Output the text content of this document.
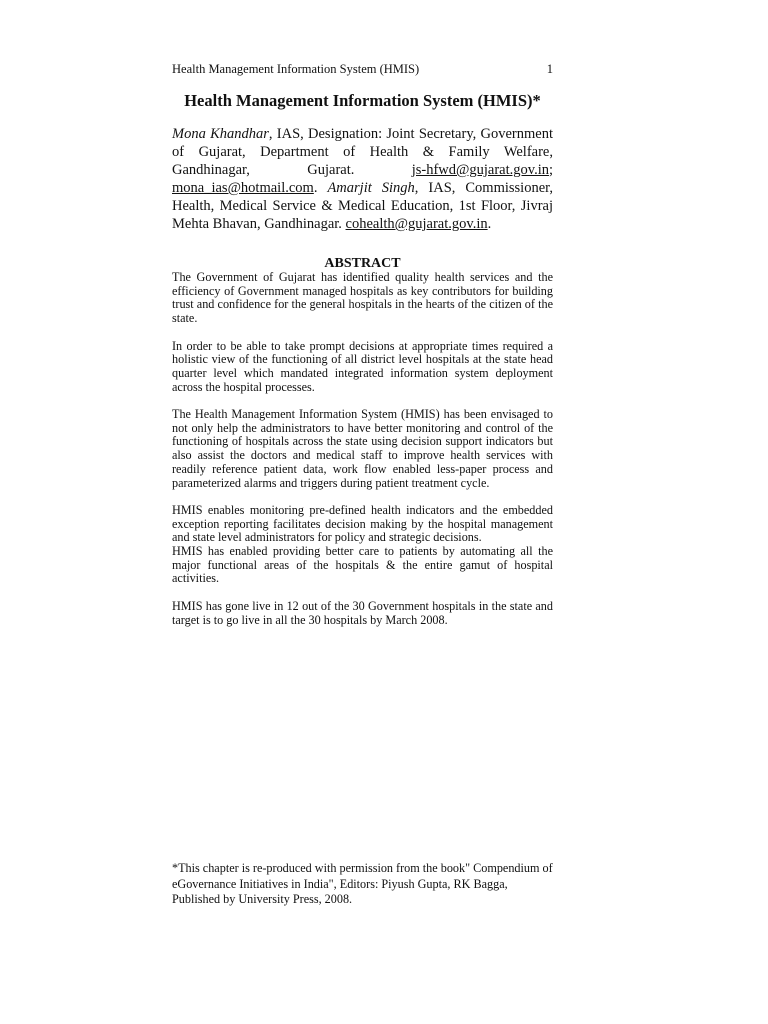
Health Management Information System (HMIS)	1
Health Management Information System (HMIS)*

Mona Khandhar, IAS, Designation: Joint Secretary, Government of Gujarat, Department of Health & Family Welfare, Gandhinagar, Gujarat. js-hfwd@gujarat.gov.in; mona_ias@hotmail.com. Amarjit Singh, IAS, Commissioner, Health, Medical Service & Medical Education, 1st Floor, Jivraj Mehta Bhavan, Gandhinagar. cohealth@gujarat.gov.in.

ABSTRACT

The Government of Gujarat has identified quality health services and the efficiency of Government managed hospitals as key contributors for building trust and confidence for the general hospitals in the hearts of the citizen of the state.

In order to be able to take prompt decisions at appropriate times required a holistic view of the functioning of all district level hospitals at the state head quarter level which mandated integrated information system deployment across the hospital processes.

The Health Management Information System (HMIS) has been envisaged to not only help the administrators to have better monitoring and control of the functioning of hospitals across the state using decision support indicators but also assist the doctors and medical staff to improve health services with readily reference patient data, work flow enabled less-paper process and parameterized alarms and triggers during patient treatment cycle.

HMIS enables monitoring pre-defined health indicators and the embedded exception reporting facilitates decision making by the hospital management and state level administrators for policy and strategic decisions.

HMIS has enabled providing better care to patients by automating all the major functional areas of the hospitals & the entire gamut of hospital activities.

HMIS has gone live in 12 out of the 30 Government hospitals in the state and target is to go live in all the 30 hospitals by March 2008.

*This chapter is re-produced with permission from the book" Compendium of eGovernance Initiatives in India", Editors: Piyush Gupta, RK Bagga, Published by University Press, 2008.
